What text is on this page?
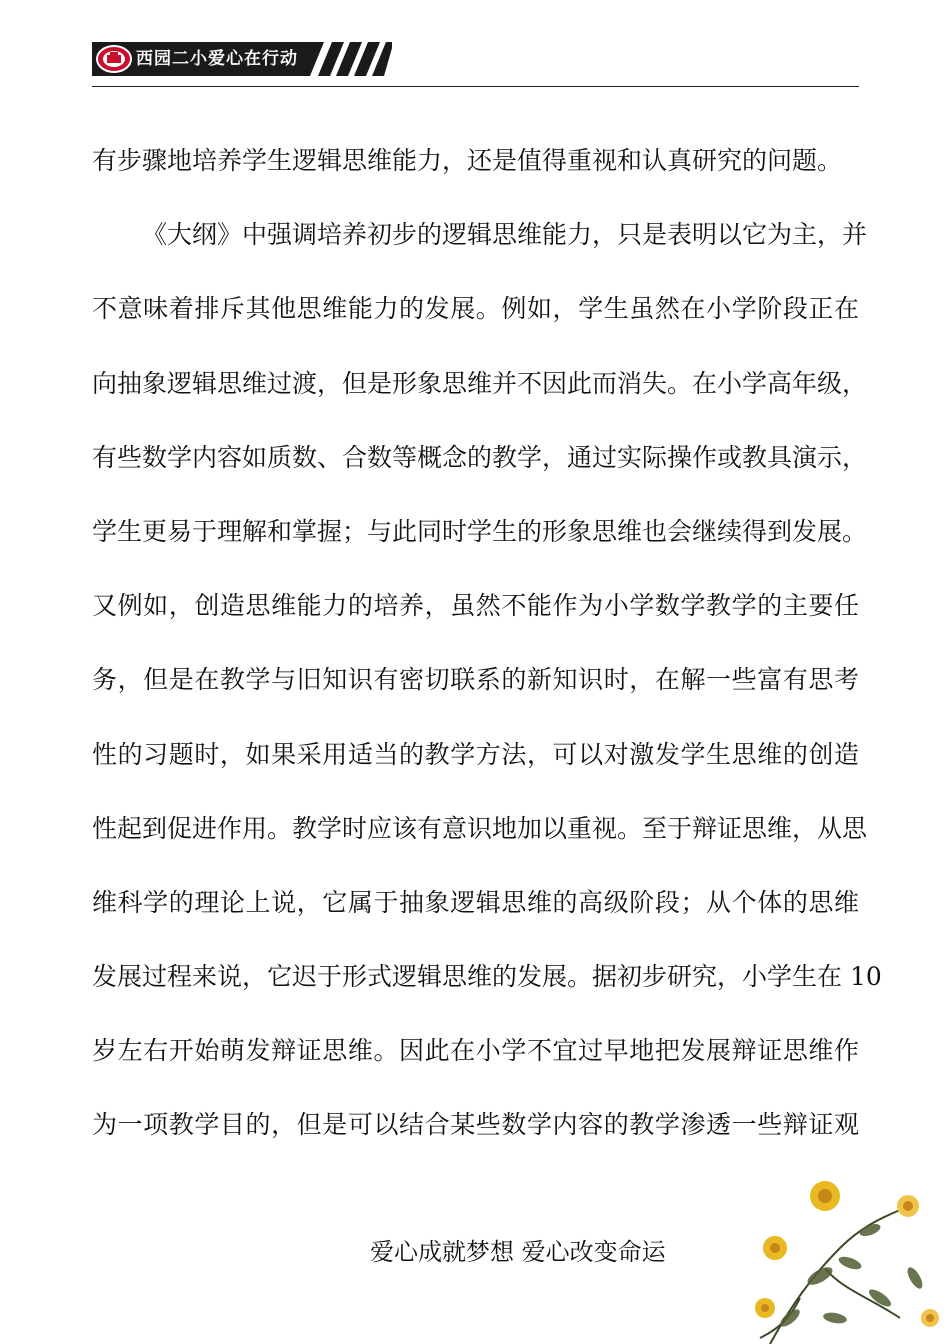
西园二小爱心在行动
有步骤地培养学生逻辑思维能力，还是值得重视和认真研究的问题。
《大纲》中强调培养初步的逻辑思维能力，只是表明以它为主，并
不意味着排斥其他思维能力的发展。例如，学生虽然在小学阶段正在
向抽象逻辑思维过渡，但是形象思维并不因此而消失。在小学高年级，
有些数学内容如质数、合数等概念的教学，通过实际操作或教具演示，
学生更易于理解和掌握；与此同时学生的形象思维也会继续得到发展。
又例如，创造思维能力的培养，虽然不能作为小学数学教学的主要任
务，但是在教学与旧知识有密切联系的新知识时，在解一些富有思考
性的习题时，如果采用适当的教学方法，可以对激发学生思维的创造
性起到促进作用。教学时应该有意识地加以重视。至于辩证思维，从思
维科学的理论上说，它属于抽象逻辑思维的高级阶段；从个体的思维
发展过程来说，它迟于形式逻辑思维的发展。据初步研究，小学生在 10
岁左右开始萌发辩证思维。因此在小学不宜过早地把发展辩证思维作
为一项教学目的，但是可以结合某些数学内容的教学渗透一些辩证观
爱心成就梦想 爱心改变命运
